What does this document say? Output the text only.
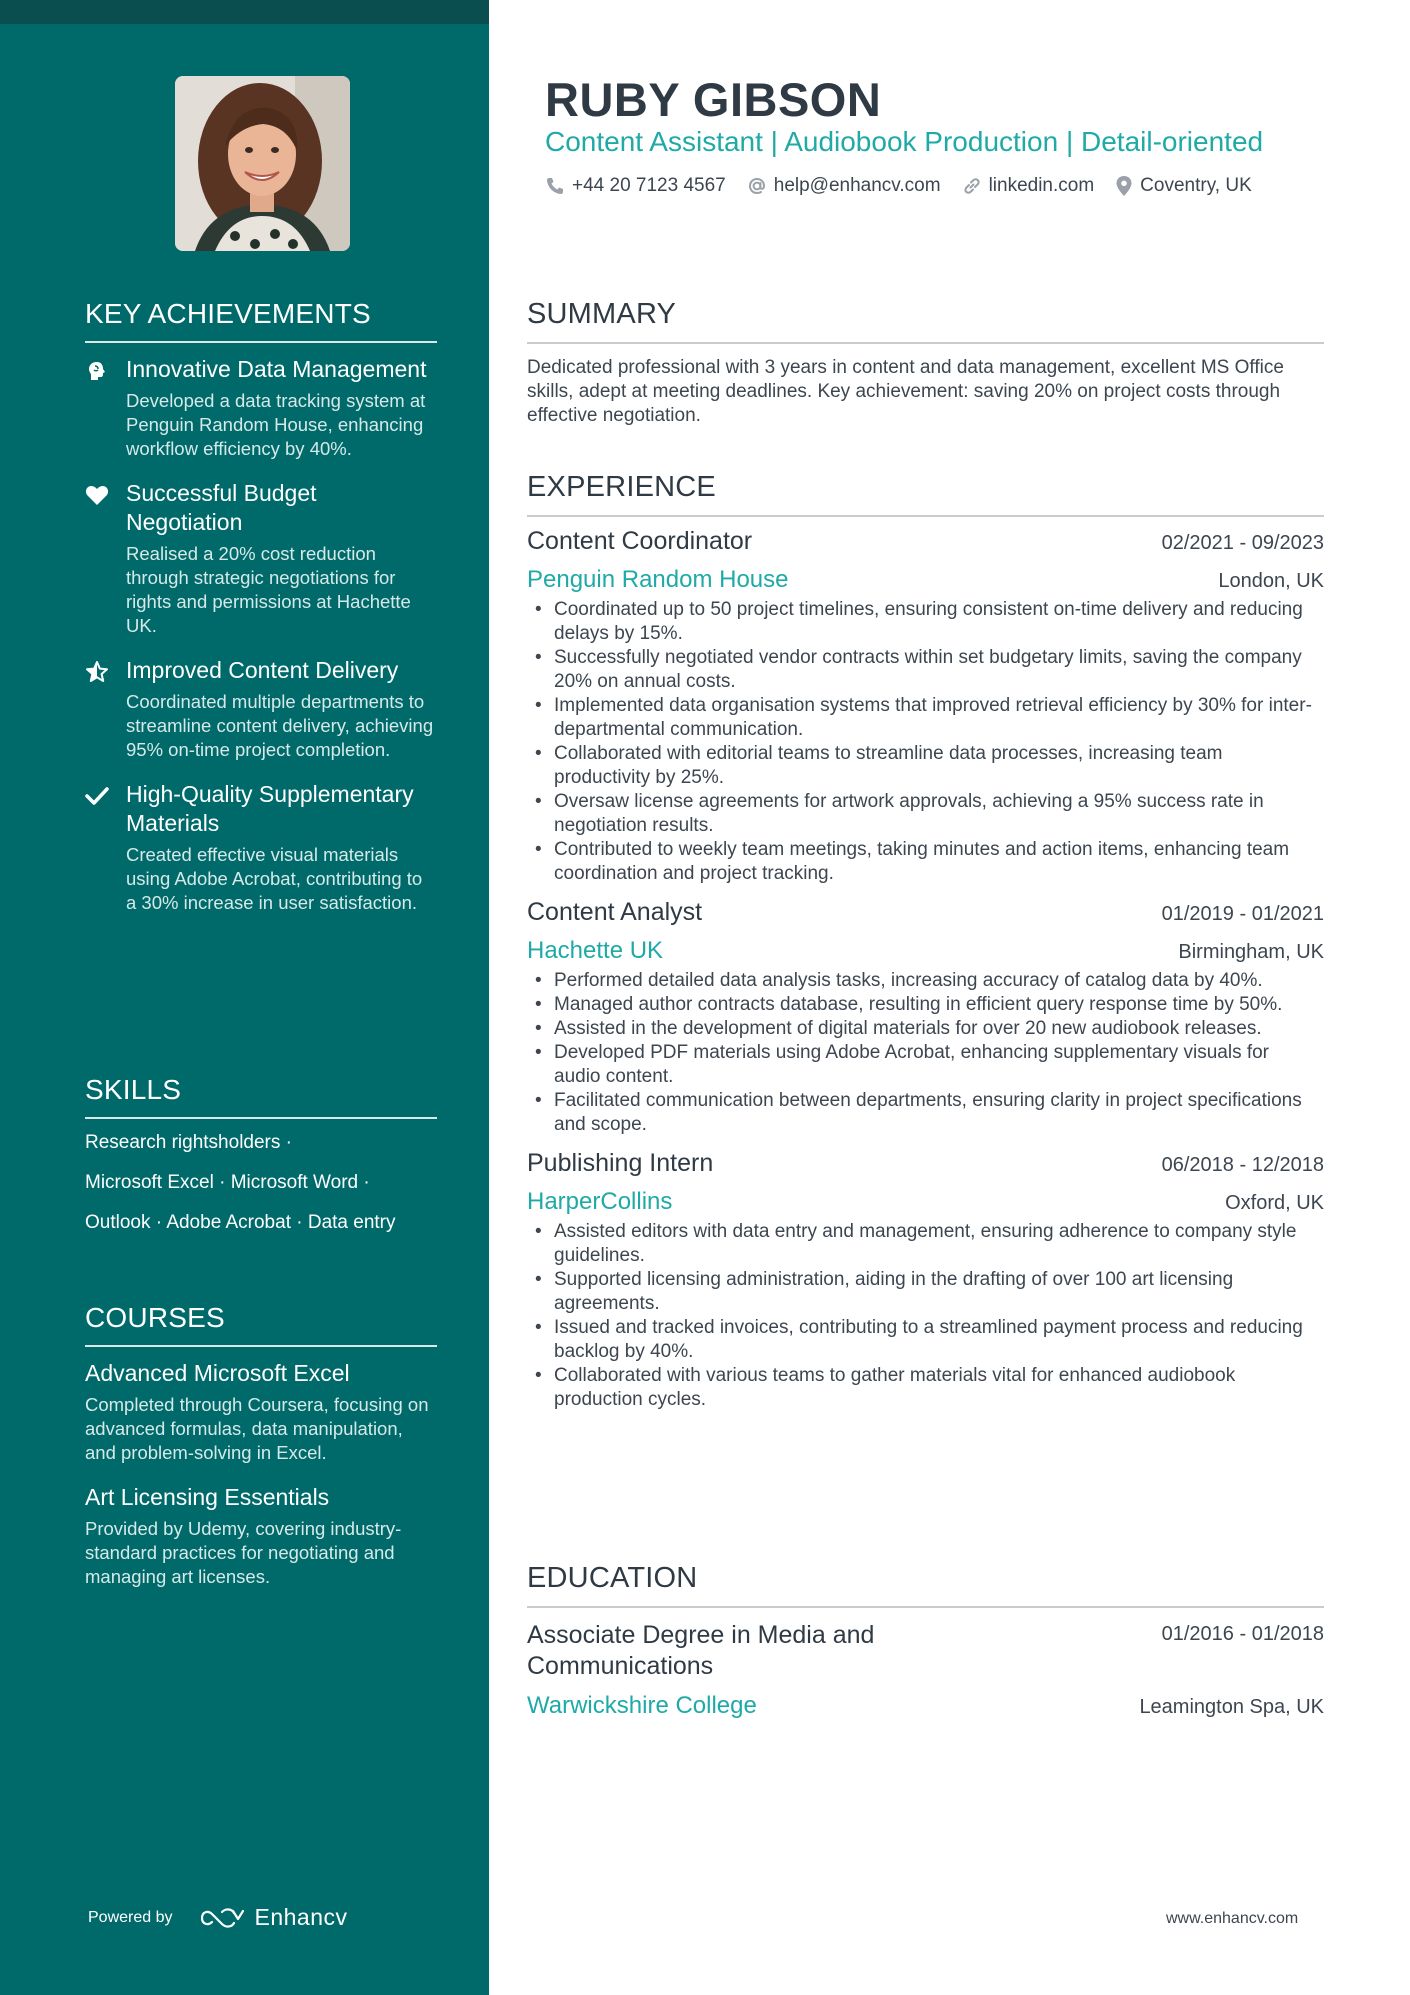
KEY ACHIEVEMENTS
Innovative Data Management
Developed a data tracking system at Penguin Random House, enhancing workflow efficiency by 40%.
Successful Budget Negotiation
Realised a 20% cost reduction through strategic negotiations for rights and permissions at Hachette UK.
Improved Content Delivery
Coordinated multiple departments to streamline content delivery, achieving 95% on-time project completion.
High-Quality Supplementary Materials
Created effective visual materials using Adobe Acrobat, contributing to a 30% increase in user satisfaction.
SKILLS
Research rightsholders ·
Microsoft Excel · Microsoft Word ·
Outlook · Adobe Acrobat · Data entry
COURSES
Advanced Microsoft Excel
Completed through Coursera, focusing on advanced formulas, data manipulation, and problem-solving in Excel.
Art Licensing Essentials
Provided by Udemy, covering industry-standard practices for negotiating and managing art licenses.
Powered by	Enhancv
RUBY GIBSON
Content Assistant | Audiobook Production | Detail-oriented
+44 20 7123 4567	help@enhancv.com	linkedin.com Coventry, UK
SUMMARY
Dedicated professional with 3 years in content and data management, excellent MS Office skills, adept at meeting deadlines. Key achievement: saving 20% on project costs through effective negotiation.
EXPERIENCE
Content Coordinator	02/2021 - 09/2023
Penguin Random House	London, UK
• Coordinated up to 50 project timelines, ensuring consistent on-time delivery and reducing delays by 15%.
• Successfully negotiated vendor contracts within set budgetary limits, saving the company 20% on annual costs.
• Implemented data organisation systems that improved retrieval efficiency by 30% for inter-departmental communication.
• Collaborated with editorial teams to streamline data processes, increasing team productivity by 25%.
• Oversaw license agreements for artwork approvals, achieving a 95% success rate in negotiation results.
• Contributed to weekly team meetings, taking minutes and action items, enhancing team coordination and project tracking.
Content Analyst	01/2019 - 01/2021
Hachette UK	Birmingham, UK
• Performed detailed data analysis tasks, increasing accuracy of catalog data by 40%.
• Managed author contracts database, resulting in efficient query response time by 50%.
• Assisted in the development of digital materials for over 20 new audiobook releases.
• Developed PDF materials using Adobe Acrobat, enhancing supplementary visuals for audio content.
• Facilitated communication between departments, ensuring clarity in project specifications and scope.
Publishing Intern	06/2018 - 12/2018
HarperCollins	Oxford, UK
• Assisted editors with data entry and management, ensuring adherence to company style guidelines.
• Supported licensing administration, aiding in the drafting of over 100 art licensing agreements.
• Issued and tracked invoices, contributing to a streamlined payment process and reducing backlog by 40%.
• Collaborated with various teams to gather materials vital for enhanced audiobook production cycles.
EDUCATION
Associate Degree in Media and Communications
01/2016 - 01/2018
Warwickshire College	Leamington Spa, UK
www.enhancv.com
